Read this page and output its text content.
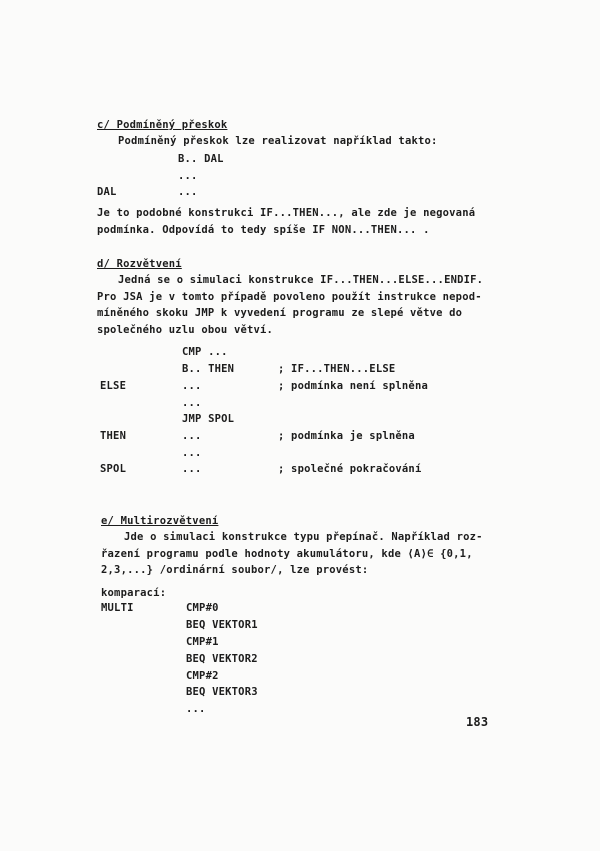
c/ Podmíněný přeskok
Podmíněný přeskok lze realizovat například takto:
B.. DAL
...
DAL	...
Je to podobné konstrukci IF...THEN..., ale zde je negovaná
podmínka. Odpovídá to tedy spíše IF NON...THEN... .
d/ Rozvětvení
Jedná se o simulaci konstrukce IF...THEN...ELSE...ENDIF.
Pro JSA je v tomto případě povoleno použít instrukce nepod-
míněného skoku JMP k vyvedení programu ze slepé větve do
společného uzlu obou větví.
CMP ...
B.. THEN	; IF...THEN...ELSE
ELSE	...	; podmínka není splněna
...
JMP SPOL
THEN	...	; podmínka je splněna
...
SPOL	...	; společné pokračování
e/ Multirozvětvení
Jde o simulaci konstrukce typu přepínač. Například roz-
řazení programu podle hodnoty akumulátoru, kde ⟨A⟩∈ {0,1,
2,3,...} /ordinární soubor/, lze provést:
komparací:
MULTI	CMP#0
BEQ VEKTOR1
CMP#1
BEQ VEKTOR2
CMP#2
BEQ VEKTOR3
...
183
